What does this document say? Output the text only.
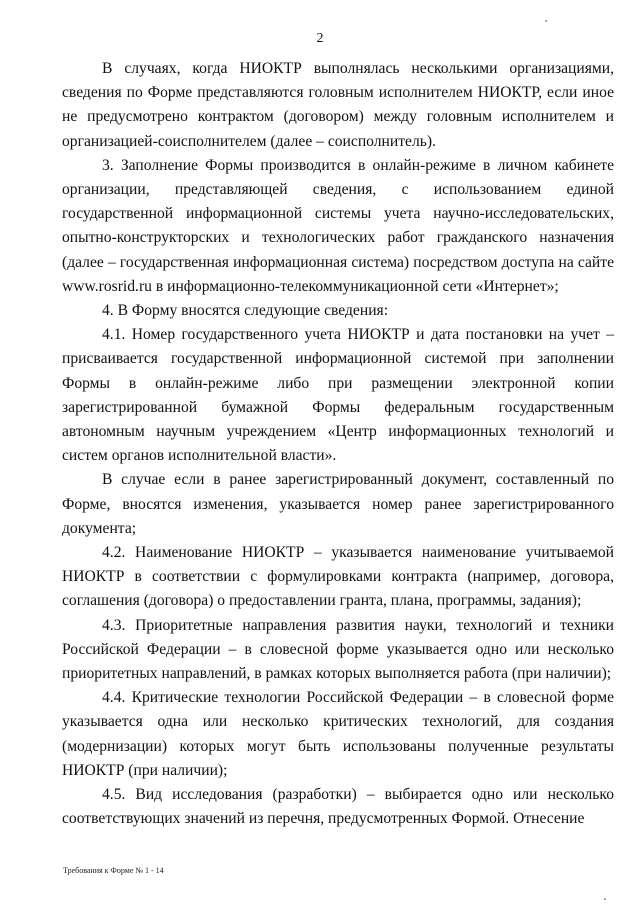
2

В случаях, когда НИОКТР выполнялась несколькими организациями, сведения по Форме представляются головным исполнителем НИОКТР, если иное не предусмотрено контрактом (договором) между головным исполнителем и организацией-соисполнителем (далее – соисполнитель).

3. Заполнение Формы производится в онлайн-режиме в личном кабинете организации, представляющей сведения, с использованием единой государственной информационной системы учета научно-исследовательских, опытно-конструкторских и технологических работ гражданского назначения (далее – государственная информационная система) посредством доступа на сайте www.rosrid.ru в информационно-телекоммуникационной сети «Интернет»;

4. В Форму вносятся следующие сведения:

4.1. Номер государственного учета НИОКТР и дата постановки на учет – присваивается государственной информационной системой при заполнении Формы в онлайн-режиме либо при размещении электронной копии зарегистрированной бумажной Формы федеральным государственным автономным научным учреждением «Центр информационных технологий и систем органов исполнительной власти».

В случае если в ранее зарегистрированный документ, составленный по Форме, вносятся изменения, указывается номер ранее зарегистрированного документа;

4.2. Наименование НИОКТР – указывается наименование учитываемой НИОКТР в соответствии с формулировками контракта (например, договора, соглашения (договора) о предоставлении гранта, плана, программы, задания);

4.3. Приоритетные направления развития науки, технологий и техники Российской Федерации – в словесной форме указывается одно или несколько приоритетных направлений, в рамках которых выполняется работа (при наличии);

4.4. Критические технологии Российской Федерации – в словесной форме указывается одна или несколько критических технологий, для создания (модернизации) которых могут быть использованы полученные результаты НИОКТР (при наличии);

4.5. Вид исследования (разработки) – выбирается одно или несколько соответствующих значений из перечня, предусмотренных Формой. Отнесение

Требования к Форме № 1 - 14
